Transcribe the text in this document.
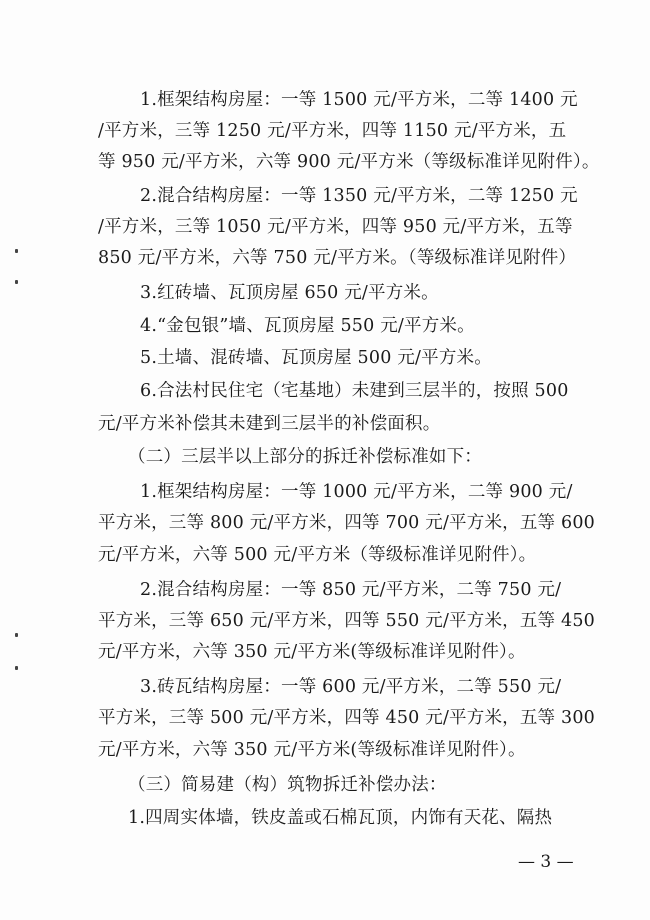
1.框架结构房屋：一等 1500 元/平方米，二等 1400 元
/平方米，三等 1250 元/平方米，四等 1150 元/平方米，五
等 950 元/平方米，六等 900 元/平方米（等级标准详见附件）。
2.混合结构房屋：一等 1350 元/平方米，二等 1250 元
/平方米，三等 1050 元/平方米，四等 950 元/平方米，五等
850 元/平方米，六等 750 元/平方米。（等级标准详见附件）
3.红砖墙、瓦顶房屋 650 元/平方米。
4.“金包银”墙、瓦顶房屋 550 元/平方米。
5.土墙、混砖墙、瓦顶房屋 500 元/平方米。
6.合法村民住宅（宅基地）未建到三层半的，按照 500
元/平方米补偿其未建到三层半的补偿面积。
（二）三层半以上部分的拆迁补偿标准如下：
1.框架结构房屋：一等 1000 元/平方米，二等 900 元/
平方米，三等 800 元/平方米，四等 700 元/平方米，五等 600
元/平方米，六等 500 元/平方米（等级标准详见附件）。
2.混合结构房屋：一等 850 元/平方米，二等 750 元/
平方米，三等 650 元/平方米，四等 550 元/平方米，五等 450
元/平方米，六等 350 元/平方米(等级标准详见附件）。
3.砖瓦结构房屋：一等 600 元/平方米，二等 550 元/
平方米，三等 500 元/平方米，四等 450 元/平方米，五等 300
元/平方米，六等 350 元/平方米(等级标准详见附件）。
（三）简易建（构）筑物拆迁补偿办法：
1.四周实体墙，铁皮盖或石棉瓦顶，内饰有天花、隔热
— 3 —
